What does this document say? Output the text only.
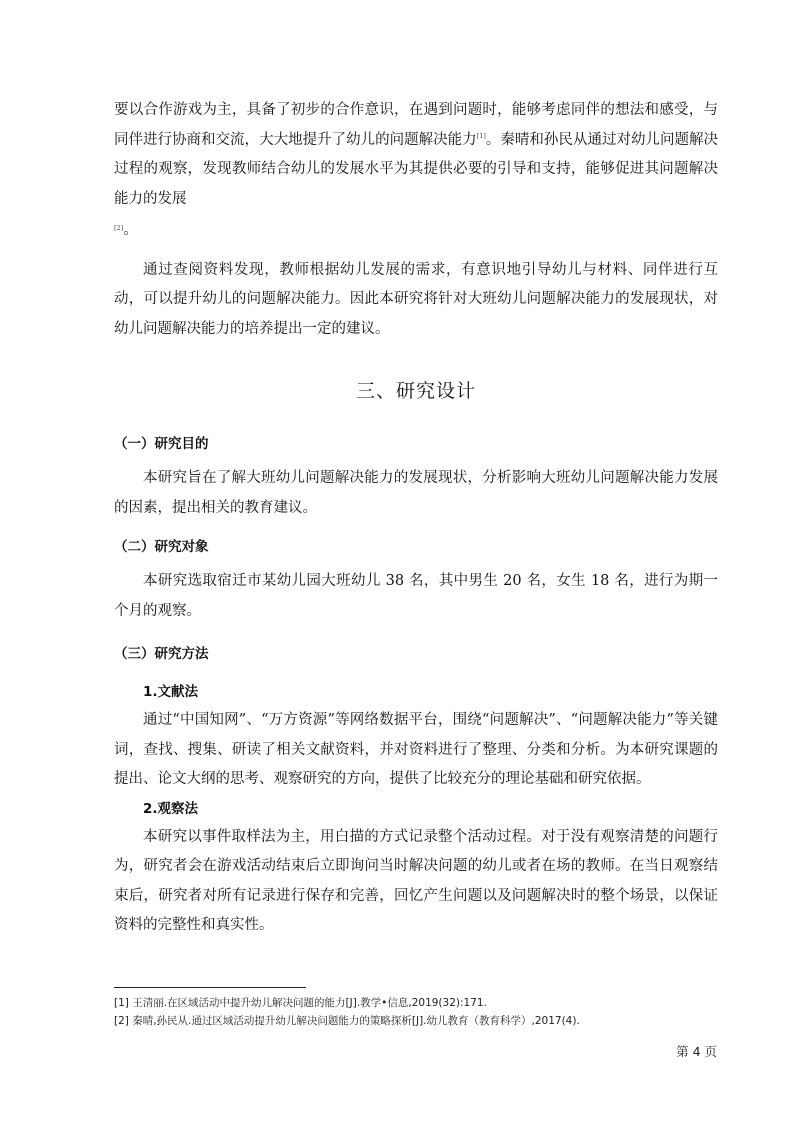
要以合作游戏为主，具备了初步的合作意识，在遇到问题时，能够考虑同伴的想法和感受，与同伴进行协商和交流，大大地提升了幼儿的问题解决能力[1]。秦晴和孙民从通过对幼儿问题解决过程的观察，发现教师结合幼儿的发展水平为其提供必要的引导和支持，能够促进其问题解决能力的发展

[2]。

通过查阅资料发现，教师根据幼儿发展的需求，有意识地引导幼儿与材料、同伴进行互动，可以提升幼儿的问题解决能力。因此本研究将针对大班幼儿问题解决能力的发展现状，对幼儿问题解决能力的培养提出一定的建议。

三、研究设计
（一）研究目的

本研究旨在了解大班幼儿问题解决能力的发展现状，分析影响大班幼儿问题解决能力发展的因素，提出相关的教育建议。

（二）研究对象

本研究选取宿迁市某幼儿园大班幼儿 38 名，其中男生 20 名，女生 18 名，进行为期一个月的观察。

（三）研究方法
1.文献法

通过“中国知网”、“万方资源”等网络数据平台，围绕“问题解决”、“问题解决能力”等关键词，查找、搜集、研读了相关文献资料，并对资料进行了整理、分类和分析。为本研究课题的提出、论文大纲的思考、观察研究的方向，提供了比较充分的理论基础和研究依据。

2.观察法

本研究以事件取样法为主，用白描的方式记录整个活动过程。对于没有观察清楚的问题行为，研究者会在游戏活动结束后立即询问当时解决问题的幼儿或者在场的教师。在当日观察结束后，研究者对所有记录进行保存和完善，回忆产生问题以及问题解决时的整个场景，以保证资料的完整性和真实性。

[1] 王清丽.在区域活动中提升幼儿解决问题的能力[J].教学•信息,2019(32):171.
[2] 秦晴,孙民从.通过区域活动提升幼儿解决问题能力的策略探析[J].幼儿教育（教育科学）,2017(4).
第 4 页
